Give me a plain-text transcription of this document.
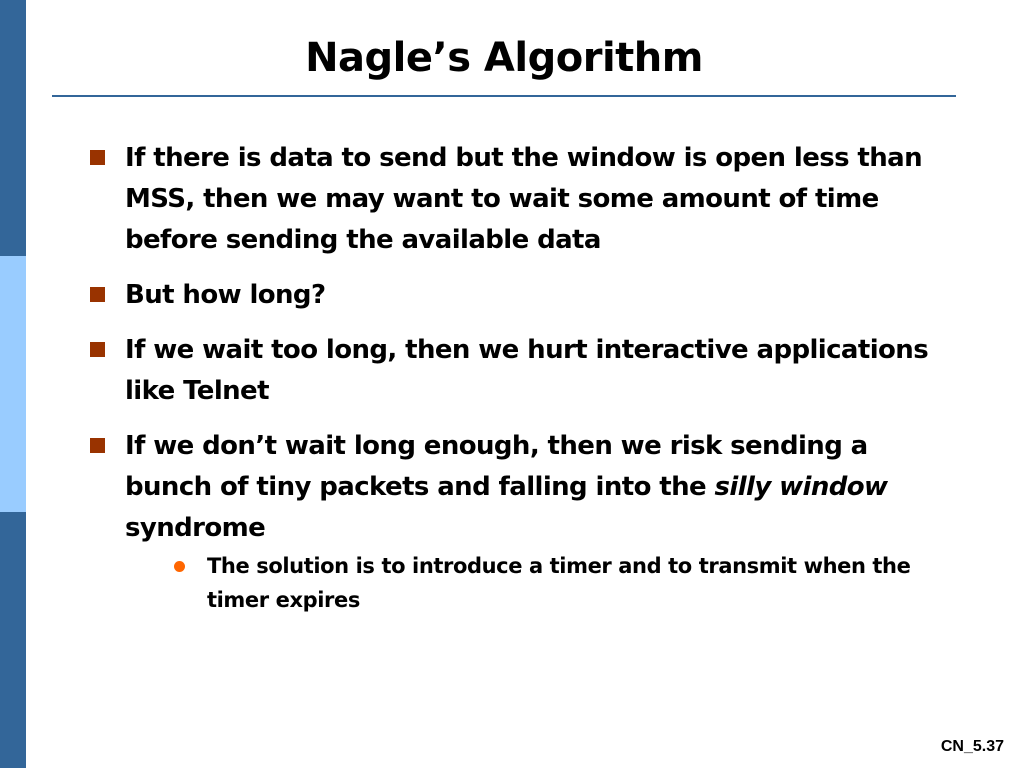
Nagle’s Algorithm
If there is data to send but the window is open less than MSS, then we may want to wait some amount of time before sending the available data
But how long?
If we wait too long, then we hurt interactive applications like Telnet
If we don’t wait long enough, then we risk sending a bunch of tiny packets and falling into the silly window syndrome
The solution is to introduce a timer and to transmit when the timer expires
CN_5.37
